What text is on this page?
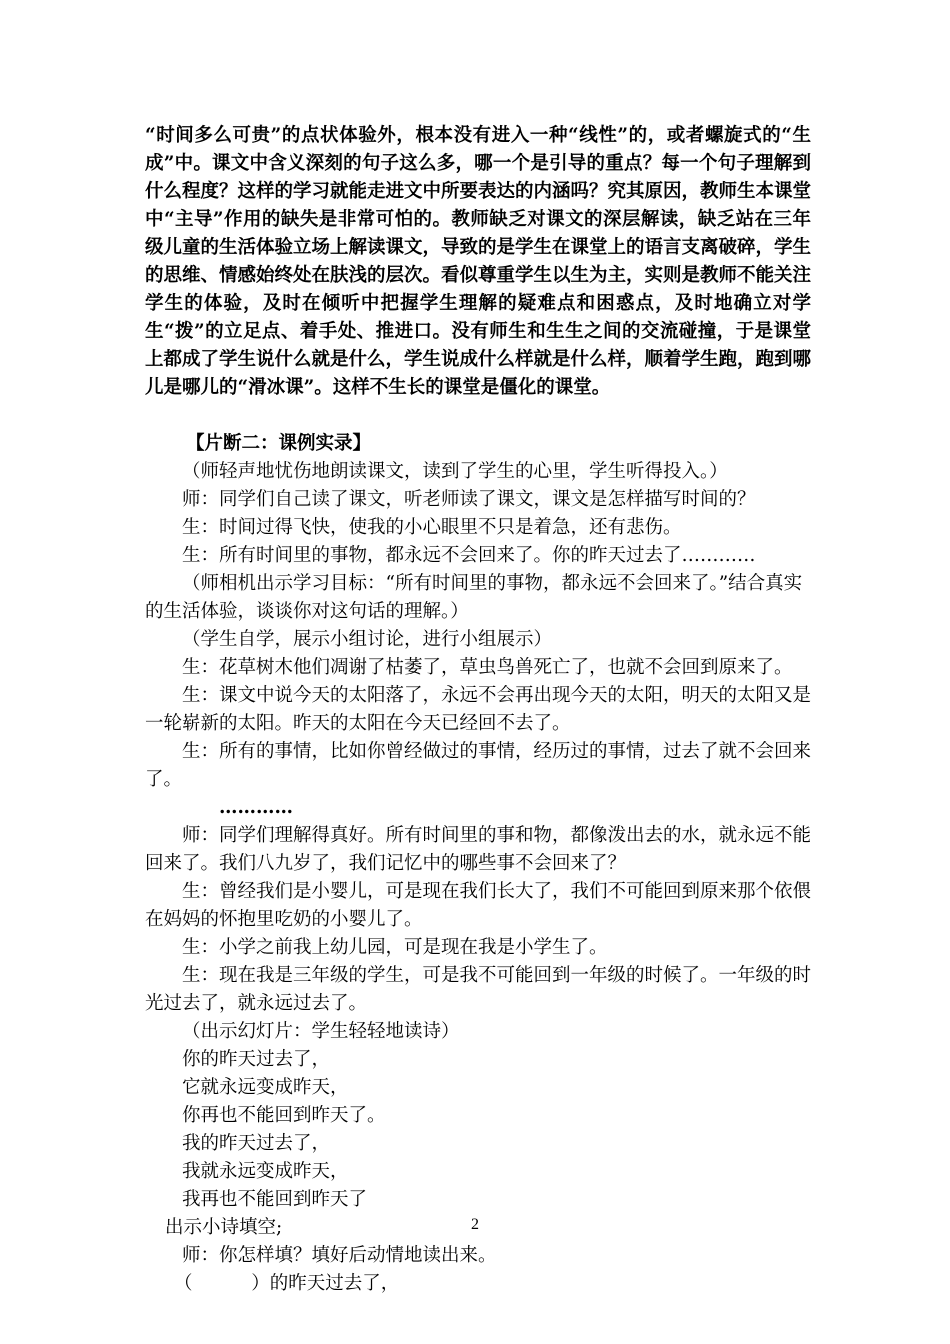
“时间多么可贵”的点状体验外，根本没有进入一种“线性”的，或者螺旋式的“生成”中。课文中含义深刻的句子这么多，哪一个是引导的重点？每一个句子理解到什么程度？这样的学习就能走进文中所要表达的内涵吗？究其原因，教师生本课堂中“主导”作用的缺失是非常可怕的。教师缺乏对课文的深层解读，缺乏站在三年级儿童的生活体验立场上解读课文，导致的是学生在课堂上的语言支离破碎，学生的思维、情感始终处在肤浅的层次。看似尊重学生以生为主，实则是教师不能关注学生的体验，及时在倾听中把握学生理解的疑难点和困惑点，及时地确立对学生“拨”的立足点、着手处、推进口。没有师生和生生之间的交流碰撞，于是课堂上都成了学生说什么就是什么，学生说成什么样就是什么样，顺着学生跑，跑到哪儿是哪儿的“滑冰课”。这样不生长的课堂是僵化的课堂。

【片断二：课例实录】

（师轻声地忧伤地朗读课文，读到了学生的心里，学生听得投入。）

师：同学们自己读了课文，听老师读了课文，课文是怎样描写时间的？

生：时间过得飞快，使我的小心眼里不只是着急，还有悲伤。

生：所有时间里的事物，都永远不会回来了。你的昨天过去了…………

（师相机出示学习目标：“所有时间里的事物，都永远不会回来了。”结合真实的生活体验，谈谈你对这句话的理解。）

（学生自学，展示小组讨论，进行小组展示）

生：花草树木他们凋谢了枯萎了，草虫鸟兽死亡了，也就不会回到原来了。

生：课文中说今天的太阳落了，永远不会再出现今天的太阳，明天的太阳又是一轮崭新的太阳。昨天的太阳在今天已经回不去了。

生：所有的事情，比如你曾经做过的事情，经历过的事情，过去了就不会回来了。

…………

师：同学们理解得真好。所有时间里的事和物，都像泼出去的水，就永远不能回来了。我们八九岁了，我们记忆中的哪些事不会回来了？

生：曾经我们是小婴儿，可是现在我们长大了，我们不可能回到原来那个依偎在妈妈的怀抱里吃奶的小婴儿了。

生：小学之前我上幼儿园，可是现在我是小学生了。

生：现在我是三年级的学生，可是我不可能回到一年级的时候了。一年级的时光过去了，就永远过去了。

（出示幻灯片：学生轻轻地读诗）

你的昨天过去了，

它就永远变成昨天，

你再也不能回到昨天了。

我的昨天过去了，

我就永远变成昨天，

我再也不能回到昨天了

出示小诗填空;

师：你怎样填？填好后动情地读出来。

（          ）的昨天过去了，

2
